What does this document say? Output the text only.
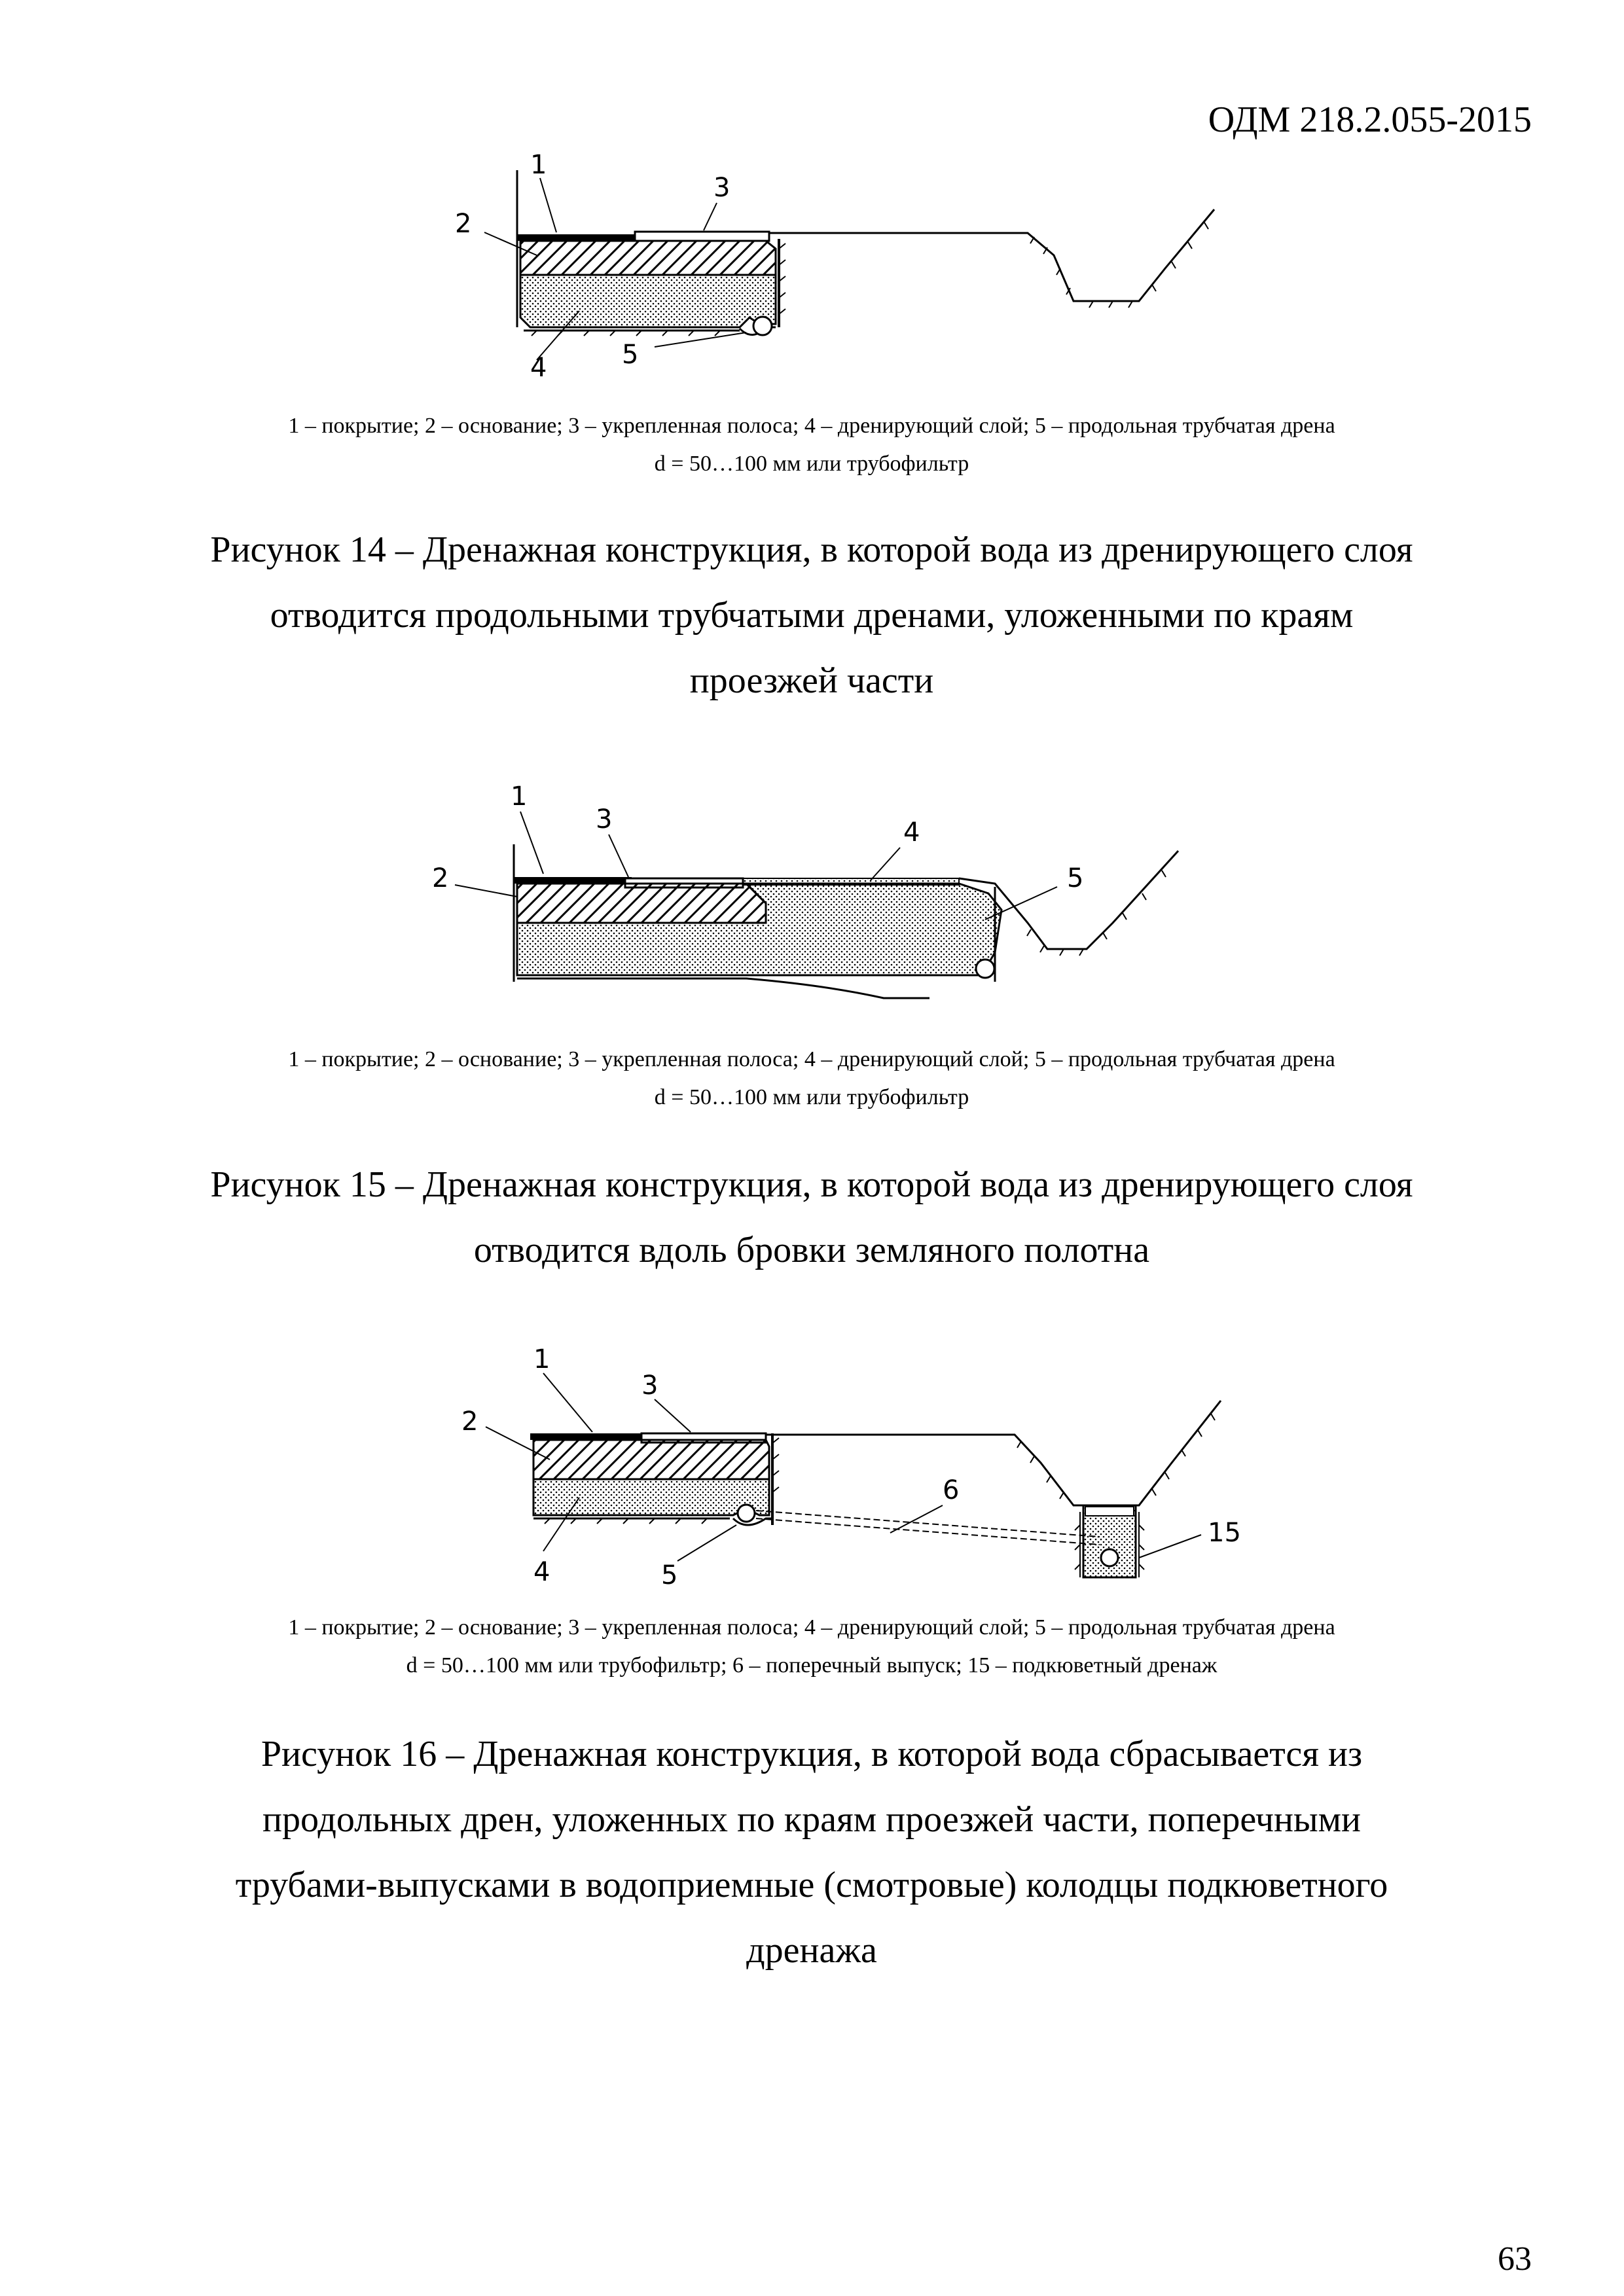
ОДМ 218.2.055-2015
1
2
3
4	5
1 – покрытие; 2 – основание; 3 – укрепленная полоса; 4 – дренирующий слой; 5 – продольная трубчатая дрена
d = 50…100 мм или трубофильтр
Рисунок 14 – Дренажная конструкция, в которой вода из дренирующего слоя
отводится продольными трубчатыми дренами, уложенными по краям
проезжей части
1
2
3	4
5
1 – покрытие; 2 – основание; 3 – укрепленная полоса; 4 – дренирующий слой; 5 – продольная трубчатая дрена
d = 50…100 мм или трубофильтр
Рисунок 15 – Дренажная конструкция, в которой вода из дренирующего слоя
отводится вдоль бровки земляного полотна
1
2
3
4	5
6
15
1 – покрытие; 2 – основание; 3 – укрепленная полоса; 4 – дренирующий слой; 5 – продольная трубчатая дрена
d = 50…100 мм или трубофильтр; 6 – поперечный выпуск; 15 – подкюветный дренаж
Рисунок 16 – Дренажная конструкция, в которой вода сбрасывается из
продольных дрен, уложенных по краям проезжей части, поперечными
трубами-выпусками в водоприемные (смотровые) колодцы подкюветного
дренажа
63
